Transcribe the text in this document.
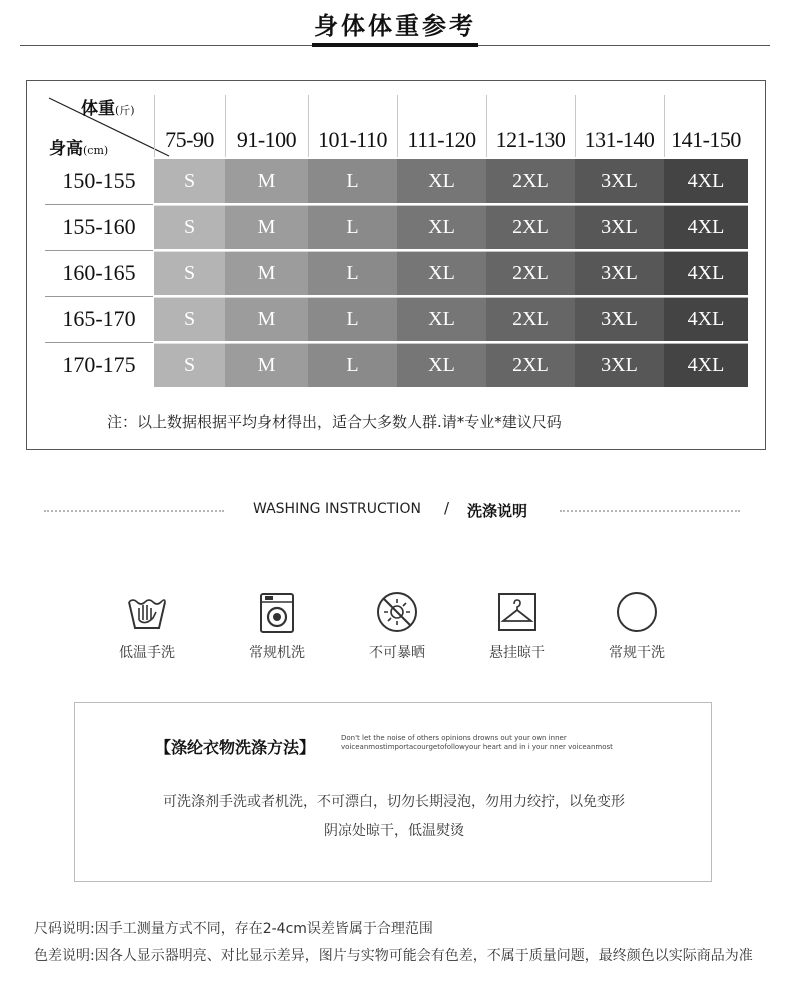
身体体重参考
体重(斤)
身高(cm)
注：以上数据根据平均身材得出，适合大多数人群.请*专业*建议尺码
75-90	91-100 101-110 111-120 121-130 131-140 141-150
150-155	S	M	L	XL	2XL	3XL	4XL
155-160	S	M	L	XL	2XL	3XL	4XL
160-165	S	M	L	XL	2XL	3XL	4XL
165-170	S	M	L	XL	2XL	3XL	4XL
170-175	S	M	L	XL	2XL	3XL	4XL
WASHING INSTRUCTION / 洗涤说明
低温手洗	常规机洗	不可暴晒	悬挂晾干	常规干洗
【涤纶衣物洗涤方法】	Don't let the noise of others opinions drowns out your own inner
voiceanmostimportacourgetofollowyour heart and in i your nner voiceanmost
可洗涤剂手洗或者机洗，不可漂白，切勿长期浸泡，勿用力绞拧，以免变形
阴凉处晾干，低温熨烫
尺码说明:因手工测量方式不同，存在2-4cm误差皆属于合理范围
色差说明:因各人显示器明亮、对比显示差异，图片与实物可能会有色差，不属于质量问题，最终颜色以实际商品为准
